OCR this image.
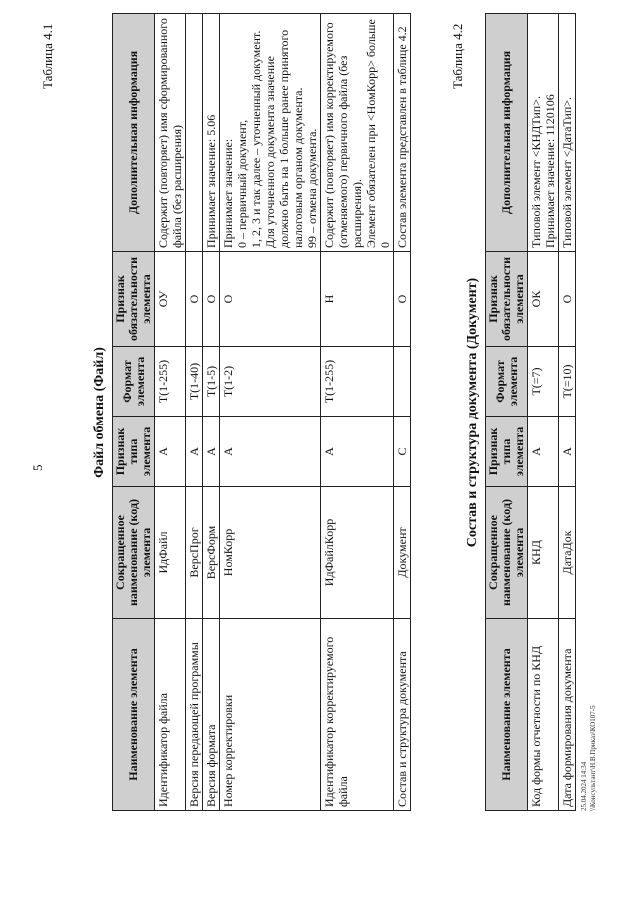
5
Таблица 4.1
Файл обмена (Файл)
Наименование элемента	Сокращенное наименование (код) элемента	Признак типа элемента	Формат элемента	Признак обязательности элемента	Дополнительная информация
Идентификатор файла	ИдФайл	А	Т(1-255)	ОУ	Содержит (повторяет) имя сформированного файла (без расширения)

Версия передающей программы	ВерсПрог	А	Т(1-40)	О	
Версия формата	ВерсФорм	А	Т(1-5)	О	Принимает значение: 5.06

Номер корректировки	НомКорр	А	Т(1-2)	О	Принимает значение: 0 – первичный документ, 1, 2, 3 и так далее – уточненный документ. Для уточненного документа значение должно быть на 1 больше ранее принятого налоговым органом документа. 99 – отмена документа.

Идентификатор корректируемого файла	ИдФайлКорр	А	Т(1-255)	Н	Содержит (повторяет) имя корректируемого (отменяемого) первичного файла (без расширения). Элемент обязателен при <НомКорр> больше 0

Состав и структура документа	Документ	С		О	Состав элемента представлен в таблице 4.2	Таблица 4.2
Состав и структура документа (Документ)
Наименование элемента	Сокращенное наименование (код) элемента	Признак типа элемента	Формат элемента	Признак обязательности элемента	Дополнительная информация
Код формы отчетности по КНД	КНД	А	Т(=7)	ОК	Типовой элемент <КНДТип>. Принимает значение: 1120106

Дата формирования документа	ДатаДок	А	Т(=10)	О	Типовой элемент <ДатаТип>.
25.04.2024 14:34 \\Консультант\Н.В.Приказ\КО107-5
